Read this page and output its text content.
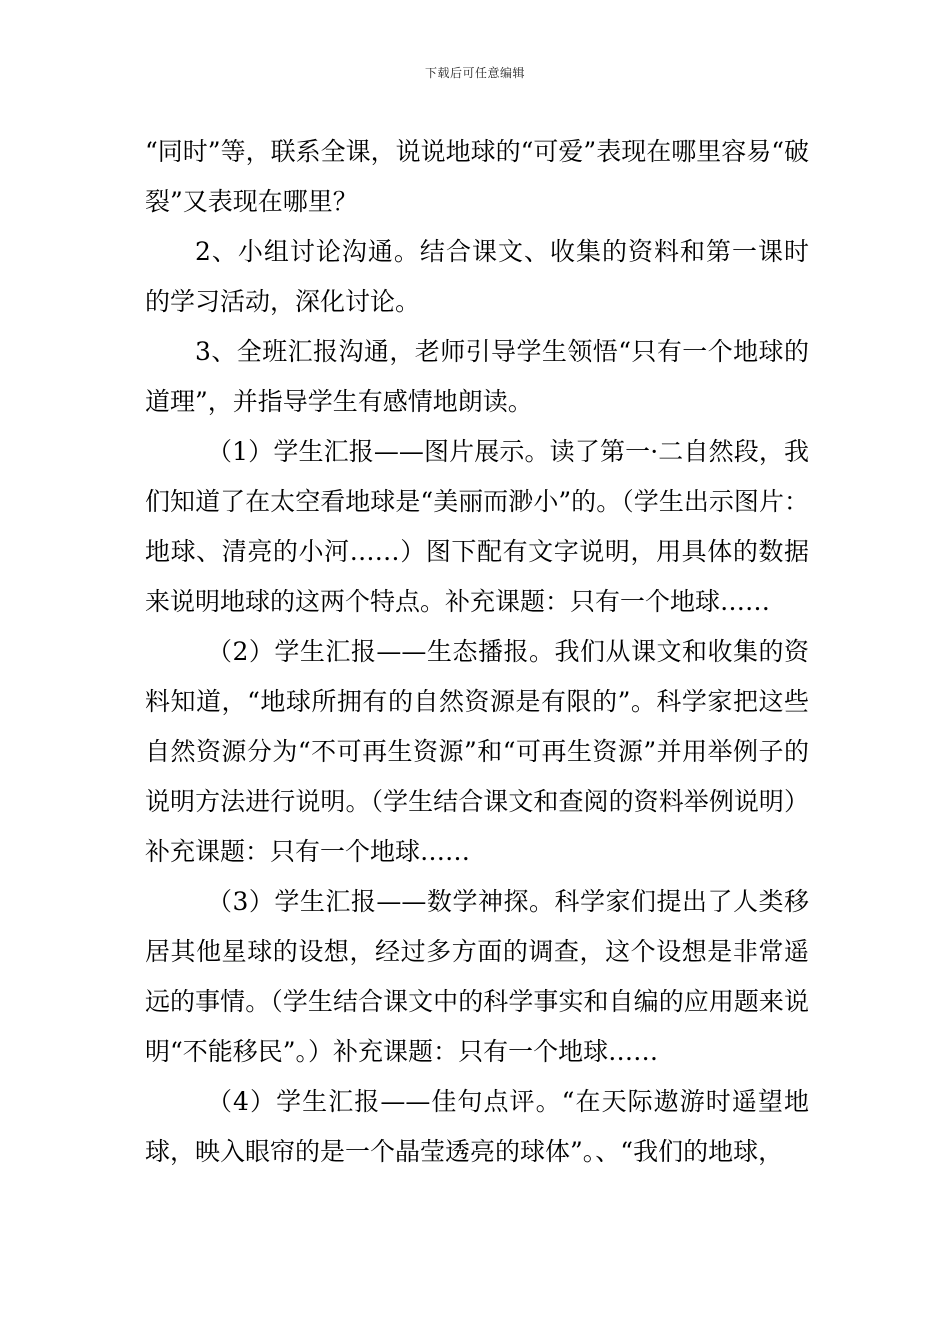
下载后可任意编辑

“同时”等，联系全课，说说地球的“可爱”表现在哪里容易“破裂”又表现在哪里？

2、小组讨论沟通。结合课文、收集的资料和第一课时的学习活动，深化讨论。

3、全班汇报沟通，老师引导学生领悟“只有一个地球的道理”，并指导学生有感情地朗读。

（1）学生汇报——图片展示。读了第一·二自然段，我们知道了在太空看地球是“美丽而渺小”的。（学生出示图片：地球、清亮的小河……）图下配有文字说明，用具体的数据来说明地球的这两个特点。补充课题：只有一个地球……

（2）学生汇报——生态播报。我们从课文和收集的资料知道，“地球所拥有的自然资源是有限的”。科学家把这些自然资源分为“不可再生资源”和“可再生资源”并用举例子的说明方法进行说明。（学生结合课文和查阅的资料举例说明）补充课题：只有一个地球……

（3）学生汇报——数学神探。科学家们提出了人类移居其他星球的设想，经过多方面的调查，这个设想是非常遥远的事情。（学生结合课文中的科学事实和自编的应用题来说明“不能移民”。）补充课题：只有一个地球……

（4）学生汇报——佳句点评。“在天际遨游时遥望地球，映入眼帘的是一个晶莹透亮的球体”。、“我们的地球，
